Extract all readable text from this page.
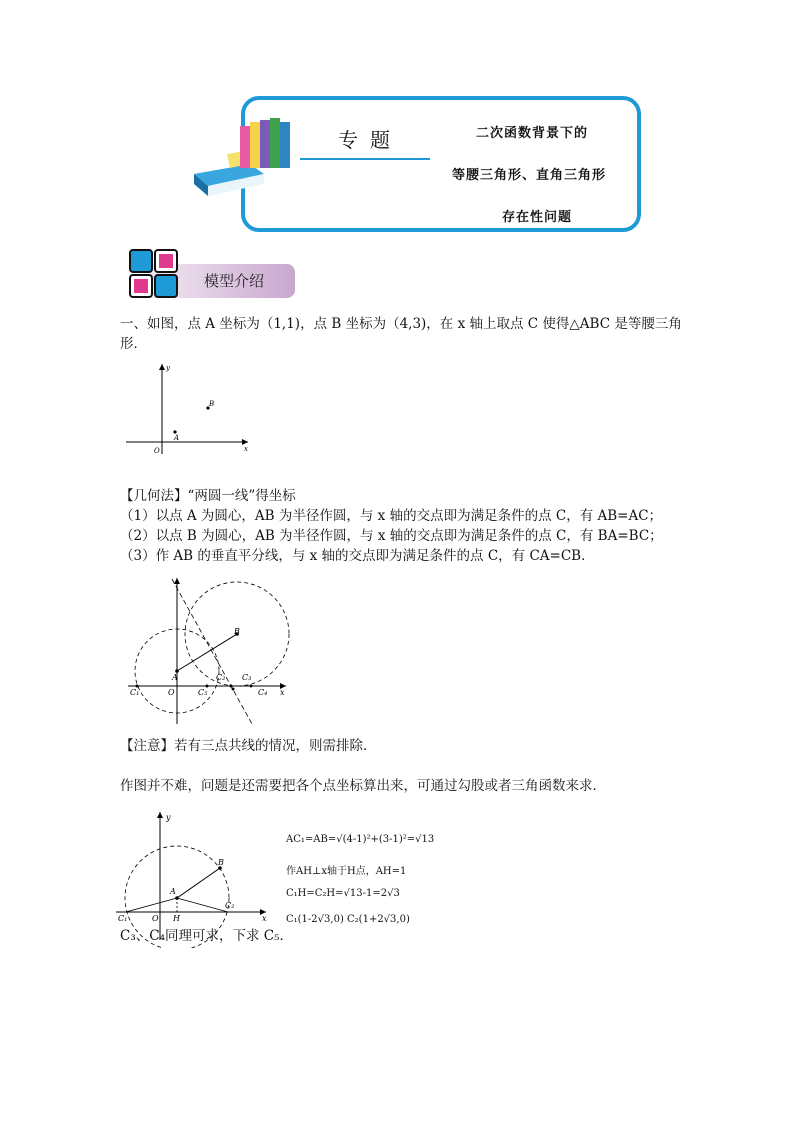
专题	二次函数背景下的
等腰三角形、直角三角形
存在性问题
模型介绍
一、如图，点 A 坐标为（1,1)，点 B 坐标为（4,3)，在 x 轴上取点 C 使得△ABC 是等腰三角
形．
y
x
O
A
B
【几何法】“两圆一线”得坐标
（1）以点 A 为圆心，AB 为半径作圆，与 x 轴的交点即为满足条件的点 C，有 AB=AC；
（2）以点 B 为圆心，AB 为半径作圆，与 x 轴的交点即为满足条件的点 C，有 BA=BC；
（3）作 AB 的垂直平分线，与 x 轴的交点即为满足条件的点 C，有 CA=CB．
B
A
O
C₁
C₂ C₃
C₄
C₅	x
【注意】若有三点共线的情况，则需排除．
作图并不难，问题是还需要把各个点坐标算出来，可通过勾股或者三角函数来求．
y
x
O
A
B
H
C₁
C₂
AC₁=AB=√(4-1)²+(3-1)²=√13
作AH⊥x轴于H点，AH=1
C₁H=C₂H=√13-1=2√3
C₁(1-2√3,0) C₂(1+2√3,0)
C₃、C₄同理可求，下求 C₅．
